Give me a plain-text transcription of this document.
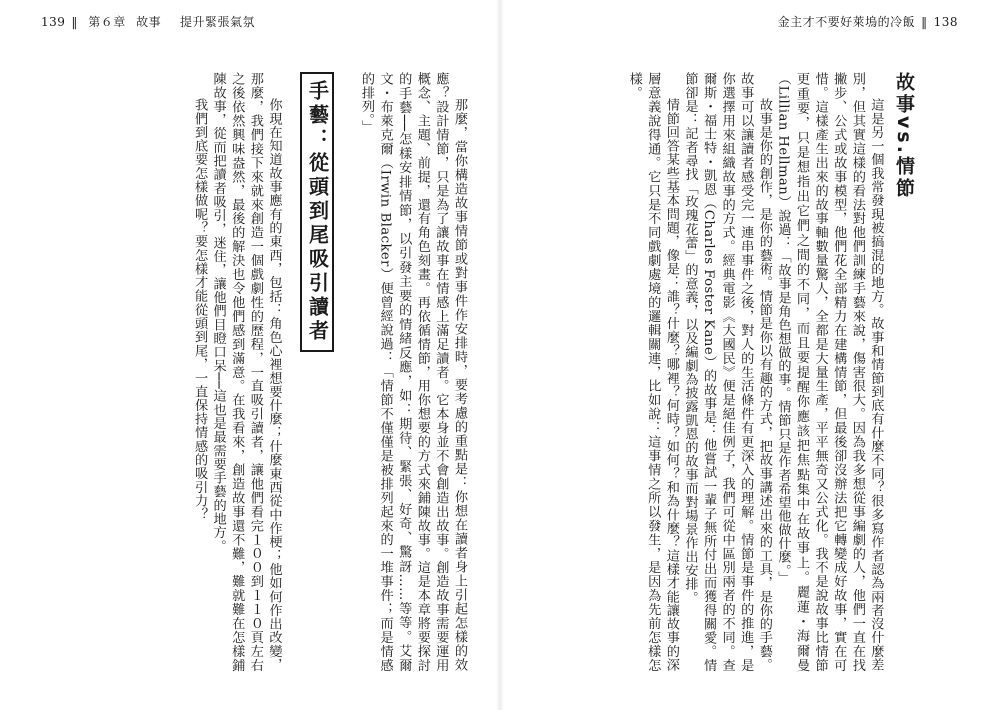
139 ‖ 第６章 故事 提升緊張氣氛	金主才不要好萊塢的冷飯 ‖ 138
故事vs.情節

這是另一個我常發現被搞混的地方。故事和情節到底有什麼不同？很多寫作者認為兩者沒什麼差別，但其實這樣的看法對他們訓練手藝來說，傷害很大。因為我多想從事編劇的人，他們一直在找撇步、公式或故事模型，他們花全部精力在建構情節，但最後卻沒辦法把它轉變成好故事，實在可惜。這樣產生出來的故事軸數量驚人，全都是大量生產，平平無奇又公式化。我不是說故事比情節更重要，只是想指出它們之間的不同，而且要提醒你應該把焦點集中在故事上。麗蓮・海爾曼（Lillian Hellman）說過：「故事是角色想做的事。情節只是作者希望他做什麼。」

故事是你的創作，是你的藝術。情節是你以有趣的方式，把故事講述出來的工具，是你的手藝。故事可以讓讀者感受完一連串事件之後，對人的生活條件有更深入的理解。情節是事件的推進，是你選擇用來組織故事的方式。經典電影《大國民》便是絕佳例子，我們可從中區別兩者的不同。查爾斯・福士特・凱恩（Charles Foster Kane）的故事是：他嘗試一輩子無所付出而獲得關愛。情節卻是：記者尋找「玫瑰花蕾」的意義，以及編劇為披露凱恩的故事而對場景作出安排。

情節回答某些基本問題，像是：誰？什麼？哪裡？何時？如何？和為什麼？這樣才能讓故事的深層意義說得通。它只是不同戲劇處境的邏輯關連，比如說：這事情之所以發生，是因為先前怎樣怎樣。

那麼，當你構造故事情節或對事件作安排時，要考慮的重點是：你想在讀者身上引起怎樣的效應？設計情節，只是為了讓故事在情感上滿足讀者。它本身並不會創造出故事。創造故事需要運用概念、主題、前提，還有角色刻畫。再依循情節，用你想要的方式來鋪陳故事。這是本章將要探討的手藝──怎樣安排情節，以引發主要的情緒反應，如：期待、緊張、好奇、驚訝……等等。艾爾文・布萊克爾（Irwin Blacker）便曾經說過：「情節不僅僅是被排列起來的一堆事件；而是情感的排列。」

手藝：從頭到尾吸引讀者

你現在知道故事應有的東西，包括：角色心裡想要什麼；什麼東西從中作梗；他如何作出改變，那麼，我們接下來就來創造一個戲劇性的歷程，一直吸引讀者，讓他們看完１００到１１０頁左右之後依然興味盎然，最後的解決也令他們感到滿意。在我看來，創造故事還不難，難就難在怎樣鋪陳故事，從而把讀者吸引，迷住，讓他們目瞪口呆──這也是最需要手藝的地方。

我們到底要怎樣做呢？要怎樣才能從頭到尾，一直保持情感的吸引力？
